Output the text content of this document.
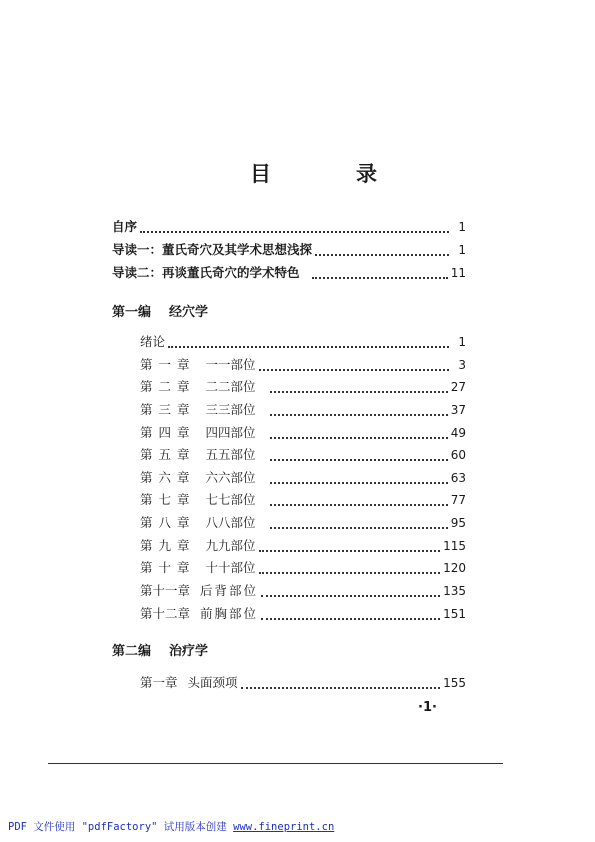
目　录
自序	1
导读一：董氏奇穴及其学术思想浅探	1
导读二：再谈董氏奇穴的学术特色	11
第一编 经穴学
绪论	1
第一章 一一部位	3
第二章 二二部位	27
第三章 三三部位	37
第四章 四四部位	49
第五章 五五部位	60
第六章 六六部位	63
第七章 七七部位	77
第八章 八八部位	95
第九章 九九部位	115
第十章 十十部位	120
第十一章 后背部位	135
第十二章 前胸部位	151
第二编 治疗学
第一章 头面颈项	155
·1·
PDF 文件使用 "pdfFactory" 试用版本创建 www.fineprint.cn
